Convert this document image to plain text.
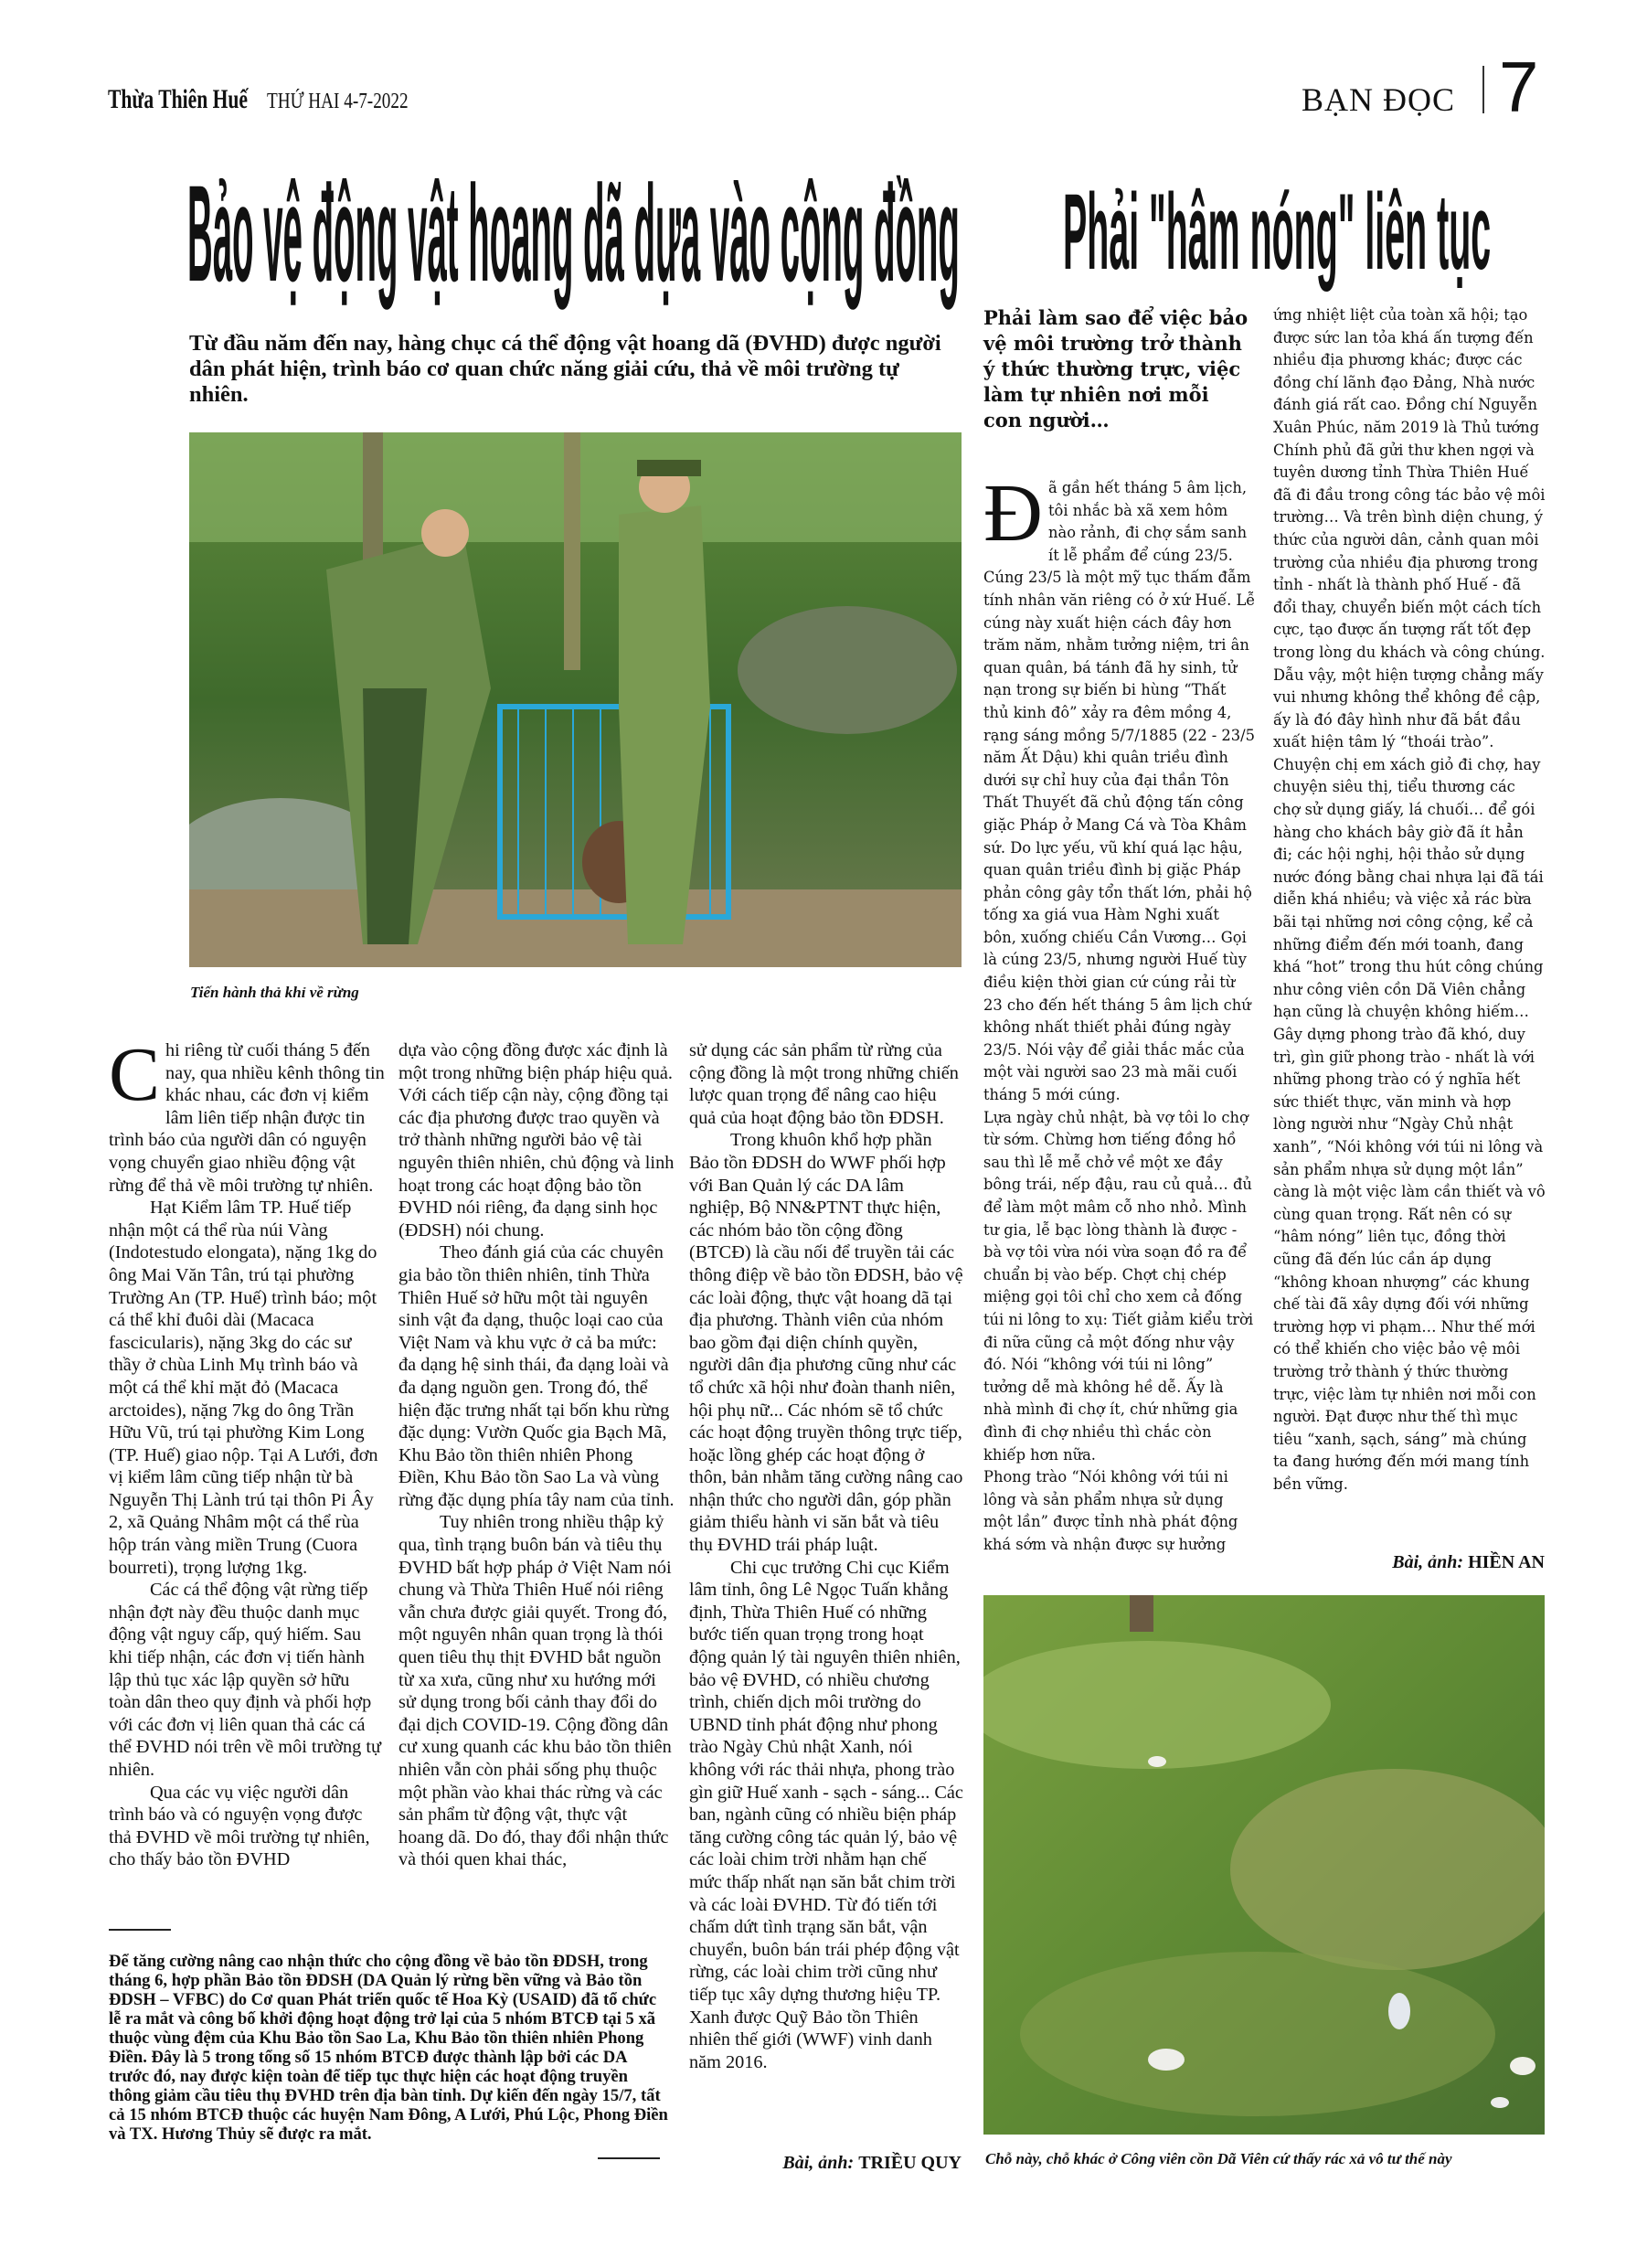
Thừa Thiên Huế THỨ HAI 4-7-2022	BẠN ĐỌC 7
Bảo vệ động vật hoang dã dựa vào cộng đồng
Từ đầu năm đến nay, hàng chục cá thể động vật hoang dã (ĐVHD) được người dân phát hiện, trình báo cơ quan chức năng giải cứu, thả về môi trường tự nhiên.
Tiến hành thả khỉ về rừng

Chi riêng từ cuối tháng 5 đến nay, qua nhiều kênh thông tin khác nhau, các đơn vị kiểm lâm liên tiếp nhận được tin trình báo của người dân có nguyện vọng chuyển giao nhiều động vật rừng để thả về môi trường tự nhiên.

Hạt Kiểm lâm TP. Huế tiếp nhận một cá thể rùa núi Vàng (Indotestudo elongata), nặng 1kg do ông Mai Văn Tân, trú tại phường Trường An (TP. Huế) trình báo; một cá thể khỉ đuôi dài (Macaca fascicularis), nặng 3kg do các sư thầy ở chùa Linh Mụ trình báo và một cá thể khỉ mặt đỏ (Macaca arctoides), nặng 7kg do ông Trần Hữu Vũ, trú tại phường Kim Long (TP. Huế) giao nộp. Tại A Lưới, đơn vị kiểm lâm cũng tiếp nhận từ bà Nguyễn Thị Lành trú tại thôn Pi Ây 2, xã Quảng Nhâm một cá thể rùa hộp trán vàng miền Trung (Cuora bourreti), trọng lượng 1kg.

Các cá thể động vật rừng tiếp nhận đợt này đều thuộc danh mục động vật nguy cấp, quý hiếm. Sau khi tiếp nhận, các đơn vị tiến hành lập thủ tục xác lập quyền sở hữu toàn dân theo quy định và phối hợp với các đơn vị liên quan thả các cá thể ĐVHD nói trên về môi trường tự nhiên.

Qua các vụ việc người dân trình báo và có nguyện vọng được thả ĐVHD về môi trường tự nhiên, cho thấy bảo tồn ĐVHD

dựa vào cộng đồng được xác định là một trong những biện pháp hiệu quả. Với cách tiếp cận này, cộng đồng tại các địa phương được trao quyền và trở thành những người bảo vệ tài nguyên thiên nhiên, chủ động và linh hoạt trong các hoạt động bảo tồn ĐVHD nói riêng, đa dạng sinh học (ĐDSH) nói chung.

Theo đánh giá của các chuyên gia bảo tồn thiên nhiên, tỉnh Thừa Thiên Huế sở hữu một tài nguyên sinh vật đa dạng, thuộc loại cao của Việt Nam và khu vực ở cả ba mức: đa dạng hệ sinh thái, đa dạng loài và đa dạng nguồn gen. Trong đó, thể hiện đặc trưng nhất tại bốn khu rừng đặc dụng: Vườn Quốc gia Bạch Mã, Khu Bảo tồn thiên nhiên Phong Điền, Khu Bảo tồn Sao La và vùng rừng đặc dụng phía tây nam của tỉnh.

Tuy nhiên trong nhiều thập kỷ qua, tình trạng buôn bán và tiêu thụ ĐVHD bất hợp pháp ở Việt Nam nói chung và Thừa Thiên Huế nói riêng vẫn chưa được giải quyết. Trong đó, một nguyên nhân quan trọng là thói quen tiêu thụ thịt ĐVHD bắt nguồn từ xa xưa, cũng như xu hướng mới sử dụng trong bối cảnh thay đổi do đại dịch COVID-19. Cộng đồng dân cư xung quanh các khu bảo tồn thiên nhiên vẫn còn phải sống phụ thuộc một phần vào khai thác rừng và các sản phẩm từ động vật, thực vật hoang dã. Do đó, thay đổi nhận thức và thói quen khai thác,

sử dụng các sản phẩm từ rừng của cộng đồng là một trong những chiến lược quan trọng để nâng cao hiệu quả của hoạt động bảo tồn ĐDSH.

Trong khuôn khổ hợp phần Bảo tồn ĐDSH do WWF phối hợp với Ban Quản lý các DA lâm nghiệp, Bộ NN&PTNT thực hiện, các nhóm bảo tồn cộng đồng (BTCĐ) là cầu nối để truyền tải các thông điệp về bảo tồn ĐDSH, bảo vệ các loài động, thực vật hoang dã tại địa phương. Thành viên của nhóm bao gồm đại diện chính quyền, người dân địa phương cũng như các tổ chức xã hội như đoàn thanh niên, hội phụ nữ... Các nhóm sẽ tổ chức các hoạt động truyền thông trực tiếp, hoặc lồng ghép các hoạt động ở thôn, bản nhằm tăng cường nâng cao nhận thức cho người dân, góp phần giảm thiểu hành vi săn bắt và tiêu thụ ĐVHD trái pháp luật.

Chi cục trưởng Chi cục Kiểm lâm tỉnh, ông Lê Ngọc Tuấn khẳng định, Thừa Thiên Huế có những bước tiến quan trọng trong hoạt động quản lý tài nguyên thiên nhiên, bảo vệ ĐVHD, có nhiều chương trình, chiến dịch môi trường do UBND tỉnh phát động như phong trào Ngày Chủ nhật Xanh, nói không với rác thải nhựa, phong trào gìn giữ Huế xanh - sạch - sáng... Các ban, ngành cũng có nhiều biện pháp tăng cường công tác quản lý, bảo vệ các loài chim trời nhằm hạn chế mức thấp nhất nạn săn bắt chim trời và các loài ĐVHD. Từ đó tiến tới chấm dứt tình trạng săn bắt, vận chuyển, buôn bán trái phép động vật rừng, các loài chim trời cũng như tiếp tục xây dựng thương hiệu TP. Xanh được Quỹ Bảo tồn Thiên nhiên thế giới (WWF) vinh danh năm 2016.

Để tăng cường nâng cao nhận thức cho cộng đồng về bảo tồn ĐDSH, trong tháng 6, hợp phần Bảo tồn ĐDSH (DA Quản lý rừng bền vững và Bảo tồn ĐDSH – VFBC) do Cơ quan Phát triển quốc tế Hoa Kỳ (USAID) đã tổ chức lễ ra mắt và công bố khởi động hoạt động trở lại của 5 nhóm BTCĐ tại 5 xã thuộc vùng đệm của Khu Bảo tồn Sao La, Khu Bảo tồn thiên nhiên Phong Điền. Đây là 5 trong tổng số 15 nhóm BTCĐ được thành lập bởi các DA trước đó, nay được kiện toàn để tiếp tục thực hiện các hoạt động truyền thông giảm cầu tiêu thụ ĐVHD trên địa bàn tỉnh. Dự kiến đến ngày 15/7, tất cả 15 nhóm BTCĐ thuộc các huyện Nam Đông, A Lưới, Phú Lộc, Phong Điền và TX. Hương Thủy sẽ được ra mắt.
Bài, ảnh: TRIỀU QUY
Phải "hâm nóng" liên tục
Phải làm sao để việc bảo vệ môi trường trở thành ý thức thường trực, việc làm tự nhiên nơi mỗi con người…

Đã gần hết tháng 5 âm lịch, tôi nhắc bà xã xem hôm nào rảnh, đi chợ sắm sanh ít lễ phẩm để cúng 23/5. Cúng 23/5 là một mỹ tục thấm đẫm tính nhân văn riêng có ở xứ Huế. Lễ cúng này xuất hiện cách đây hơn trăm năm, nhằm tưởng niệm, tri ân quan quân, bá tánh đã hy sinh, tử nạn trong sự biến bi hùng “Thất thủ kinh đô” xảy ra đêm mồng 4, rạng sáng mồng 5/7/1885 (22 - 23/5 năm Ất Dậu) khi quân triều đình dưới sự chỉ huy của đại thần Tôn Thất Thuyết đã chủ động tấn công giặc Pháp ở Mang Cá và Tòa Khâm sứ. Do lực yếu, vũ khí quá lạc hậu, quan quân triều đình bị giặc Pháp phản công gây tổn thất lớn, phải hộ tống xa giá vua Hàm Nghi xuất bôn, xuống chiếu Cần Vương… Gọi là cúng 23/5, nhưng người Huế tùy điều kiện thời gian cứ cúng rải từ 23 cho đến hết tháng 5 âm lịch chứ không nhất thiết phải đúng ngày 23/5. Nói vậy để giải thắc mắc của một vài người sao 23 mà mãi cuối tháng 5 mới cúng.

Lựa ngày chủ nhật, bà vợ tôi lo chợ từ sớm. Chừng hơn tiếng đồng hồ sau thì lễ mễ chở về một xe đầy bông trái, nếp đậu, rau củ quả… đủ để làm một mâm cỗ nho nhỏ. Mình tư gia, lễ bạc lòng thành là được - bà vợ tôi vừa nói vừa soạn đồ ra để chuẩn bị vào bếp. Chợt chị chép miệng gọi tôi chỉ cho xem cả đống túi ni lông to xụ: Tiết giảm kiểu trời đi nữa cũng cả một đống như vậy đó. Nói “không với túi ni lông” tưởng dễ mà không hề dễ. Ấy là nhà mình đi chợ ít, chứ những gia đình đi chợ nhiều thì chắc còn khiếp hơn nữa.

Phong trào “Nói không với túi ni lông và sản phẩm nhựa sử dụng một lần” được tỉnh nhà phát động khá sớm và nhận được sự hưởng

ứng nhiệt liệt của toàn xã hội; tạo được sức lan tỏa khá ấn tượng đến nhiều địa phương khác; được các đồng chí lãnh đạo Đảng, Nhà nước đánh giá rất cao. Đồng chí Nguyễn Xuân Phúc, năm 2019 là Thủ tướng Chính phủ đã gửi thư khen ngợi và tuyên dương tỉnh Thừa Thiên Huế đã đi đầu trong công tác bảo vệ môi trường… Và trên bình diện chung, ý thức của người dân, cảnh quan môi trường của nhiều địa phương trong tỉnh - nhất là thành phố Huế - đã đổi thay, chuyển biến một cách tích cực, tạo được ấn tượng rất tốt đẹp trong lòng du khách và công chúng.

Dẫu vậy, một hiện tượng chẳng mấy vui nhưng không thể không đề cập, ấy là đó đây hình như đã bắt đầu xuất hiện tâm lý “thoái trào”. Chuyện chị em xách giỏ đi chợ, hay chuyện siêu thị, tiểu thương các chợ sử dụng giấy, lá chuối… để gói hàng cho khách bây giờ đã ít hẳn đi; các hội nghị, hội thảo sử dụng nước đóng bằng chai nhựa lại đã tái diễn khá nhiều; và việc xả rác bừa bãi tại những nơi công cộng, kể cả những điểm đến mới toanh, đang khá “hot” trong thu hút công chúng như công viên cồn Dã Viên chẳng hạn cũng là chuyện không hiếm…

Gây dựng phong trào đã khó, duy trì, gìn giữ phong trào - nhất là với những phong trào có ý nghĩa hết sức thiết thực, văn minh và hợp lòng người như “Ngày Chủ nhật xanh”, “Nói không với túi ni lông và sản phẩm nhựa sử dụng một lần” càng là một việc làm cần thiết và vô cùng quan trọng. Rất nên có sự “hâm nóng” liên tục, đồng thời cũng đã đến lúc cần áp dụng “không khoan nhượng” các khung chế tài đã xây dựng đối với những trường hợp vi phạm… Như thế mới có thể khiến cho việc bảo vệ môi trường trở thành ý thức thường trực, việc làm tự nhiên nơi mỗi con người. Đạt được như thế thì mục tiêu “xanh, sạch, sáng” mà chúng ta đang hướng đến mới mang tính bền vững.

Bài, ảnh: HIỀN AN
Chỗ này, chỗ khác ở Công viên cồn Dã Viên cứ thấy rác xả vô tư thế này
